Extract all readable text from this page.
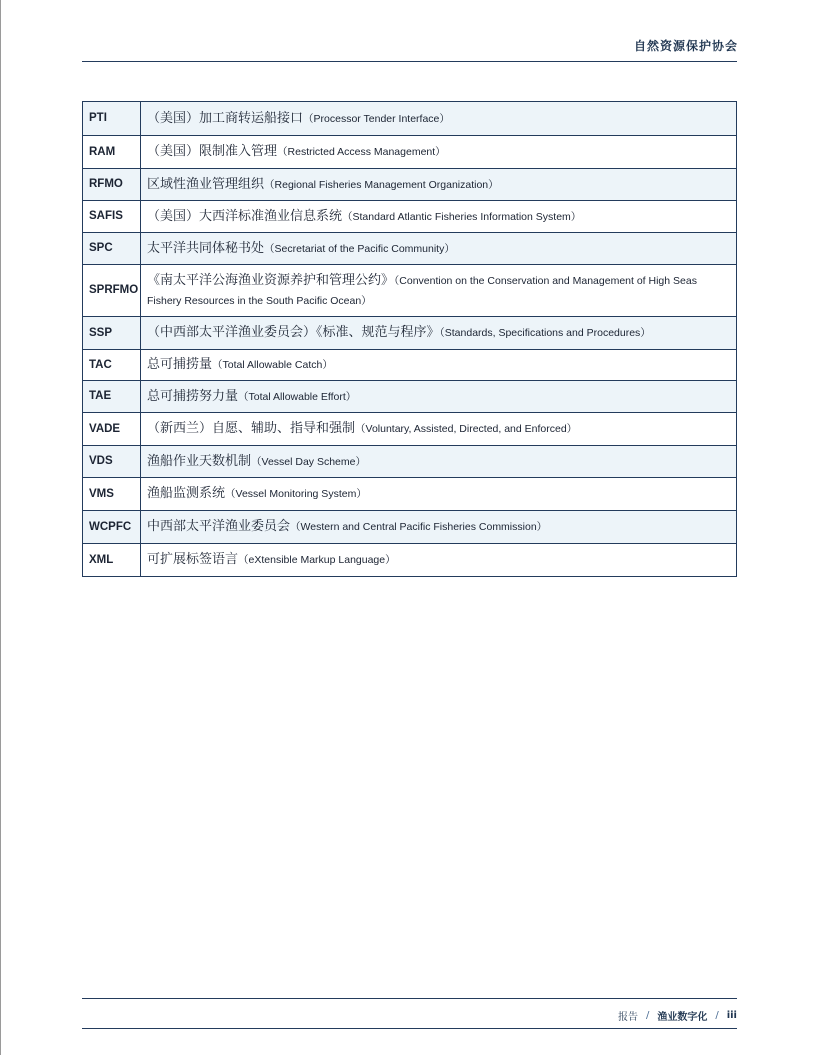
自然资源保护协会
PTI	（美国）加工商转运船接口（Processor Tender Interface）
RAM	（美国）限制准入管理（Restricted Access Management）
RFMO	区域性渔业管理组织（Regional Fisheries Management Organization）
SAFIS	（美国）大西洋标准渔业信息系统（Standard Atlantic Fisheries Information System）
SPC	太平洋共同体秘书处（Secretariat of the Pacific Community）
SPRFMO	《南太平洋公海渔业资源养护和管理公约》（Convention on the Conservation and Management of High Seas Fishery Resources in the South Pacific Ocean）
SSP	（中西部太平洋渔业委员会）《标准、规范与程序》（Standards, Specifications and Procedures）
TAC	总可捕捞量（Total Allowable Catch）
TAE	总可捕捞努力量（Total Allowable Effort）
VADE	（新西兰）自愿、辅助、指导和强制（Voluntary, Assisted, Directed, and Enforced）
VDS	渔船作业天数机制（Vessel Day Scheme）
VMS	渔船监测系统（Vessel Monitoring System）
WCPFC	中西部太平洋渔业委员会（Western and Central Pacific Fisheries Commission）
XML	可扩展标签语言（eXtensible Markup Language）
报告 / 渔业数字化 / iii
